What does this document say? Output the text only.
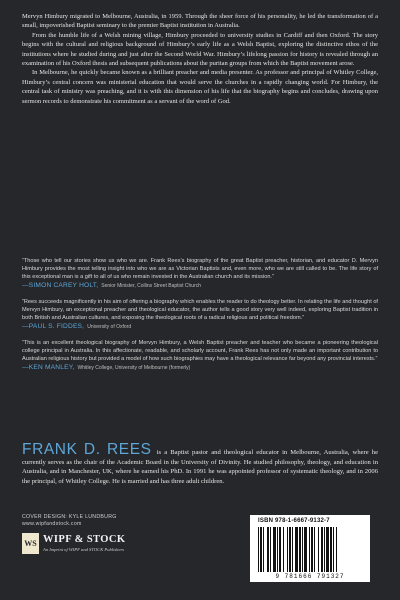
Mervyn Himbury migrated to Melbourne, Australia, in 1959. Through the sheer force of his personality, he led the transformation of a small, impoverished Baptist seminary to the premier Baptist institution in Australia.

From the humble life of a Welsh mining village, Himbury proceeded to university studies in Cardiff and then Oxford. The story begins with the cultural and religious background of Himbury’s early life as a Welsh Baptist, exploring the distinctive ethos of the institutions where he studied during and just after the Second World War. Himbury’s lifelong passion for history is revealed through an examination of his Oxford thesis and subsequent publications about the puritan groups from which the Baptist movement arose.

In Melbourne, he quickly became known as a brilliant preacher and media presenter. As professor and principal of Whitley College, Himbury’s central concern was ministerial education that would serve the churches in a rapidly changing world. For Himbury, the central task of ministry was preaching, and it is with this dimension of his life that the biography begins and concludes, drawing upon sermon records to demonstrate his commitment as a servant of the word of God.

“Those who tell our stories show us who we are. Frank Rees’s biography of the great Baptist preacher, historian, and educator D. Mervyn Himbury provides the most telling insight into who we are as Victorian Baptists and, even more, who we are still called to be. The life story of this exceptional man is a gift to all of us who remain invested in the Australian church and its mission.”

—SIMON CAREY HOLT, Senior Minister, Collins Street Baptist Church

“Rees succeeds magnificently in his aim of offering a biography which enables the reader to do theology better. In relating the life and thought of Mervyn Himbury, an exceptional preacher and theological educator, the author tells a good story very well indeed, exploring Baptist tradition in both British and Australian cultures, and exposing the theological roots of a radical religious and political freedom.”

—PAUL S. FIDDES, University of Oxford

“This is an excellent theological biography of Mervyn Himbury, a Welsh Baptist preacher and teacher who became a pioneering theological college principal in Australia. In this affectionate, readable, and scholarly account, Frank Rees has not only made an important contribution to Australian religious history but provided a model of how such biographies may have a theological relevance far beyond any provincial interests.”

—KEN MANLEY, Whitley College, University of Melbourne (formerly)

FRANK D. REES is a Baptist pastor and theological educator in Melbourne, Australia, where he currently serves as the chair of the Academic Board in the University of Divinity. He studied philosophy, theology, and education in Australia, and in Manchester, UK, where he earned his PhD. In 1991 he was appointed professor of systematic theology, and in 2006 the principal, of Whitley College. He is married and has three adult children.
COVER DESIGN: KYLE LUNDBURG
www.wipfandstock.com
WS WIPF & STOCK
An Imprint of WIPF and STOCK Publishers
ISBN 978-1-6667-9132-7
9 781666 791327
